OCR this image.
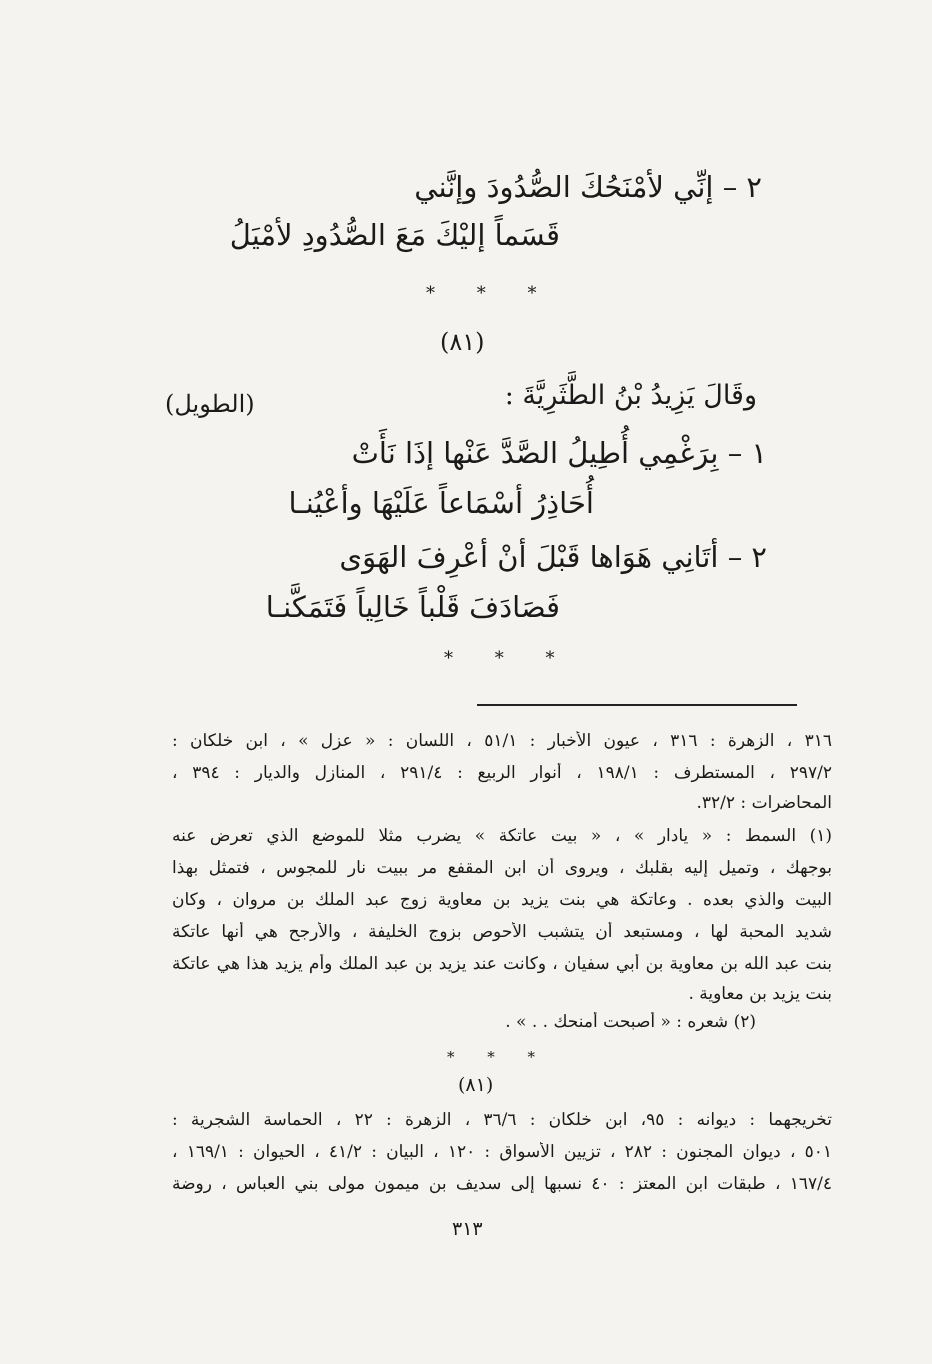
٢ – إنِّي لأمْنَحُكَ الصُّدُودَ وإنَّني
قَسَماً إليْكَ مَعَ الصُّدُودِ لأمْيَلُ
* * *
(٨١)
وقَالَ يَزِيدُ بْنُ الطَّثَرِيَّةَ :
(الطويل)
١ – بِرَغْمِي أُطِيلُ الصَّدَّ عَنْها إذَا نَأَتْ
أُحَاذِرُ أسْمَاعاً عَلَيْهَا وأعْيُنـا
٢ – أتَانِي هَوَاها قَبْلَ أنْ أعْرِفَ الهَوَى
فَصَادَفَ قَلْباً خَالِياً فَتَمَكَّنـا
* * *
٣١٦ ، الزهرة : ٣١٦ ، عيون الأخبار : ٥١/١ ، اللسان : « عزل » ، ابن خلكان :
٢٩٧/٢ ، المستطرف : ١٩٨/١ ، أنوار الربيع : ٢٩١/٤ ، المنازل والديار : ٣٩٤ ،
المحاضرات : ٣٢/٢.
(١) السمط : « يادار » ، « بيت عاتكة » يضرب مثلا للموضع الذي تعرض عنه
بوجهك ، وتميل إليه بقلبك ، ويروى أن ابن المقفع مر ببيت نار للمجوس ، فتمثل بهذا
البيت والذي بعده . وعاتكة هي بنت يزيد بن معاوية زوج عبد الملك بن مروان ، وكان
شديد المحبة لها ، ومستبعد أن يتشبب الأحوص بزوج الخليفة ، والأرجح هي أنها عاتكة
بنت عبد الله بن معاوية بن أبي سفيان ، وكانت عند يزيد بن عبد الملك وأم يزيد هذا هي عاتكة
بنت يزيد بن معاوية .
(٢) شعره : « أصبحت أمنحك . . » .
* * *
(٨١)
تخريجهما : ديوانه : ٩٥، ابن خلكان : ٣٦/٦ ، الزهرة : ٢٢ ، الحماسة الشجرية :
٥٠١ ، ديوان المجنون : ٢٨٢ ، تزيين الأسواق : ١٢٠ ، البيان : ٤١/٢ ، الحيوان : ١٦٩/١ ،
١٦٧/٤ ، طبقات ابن المعتز : ٤٠ نسبها إلى سديف بن ميمون مولى بني العباس ، روضة
٣١٣
